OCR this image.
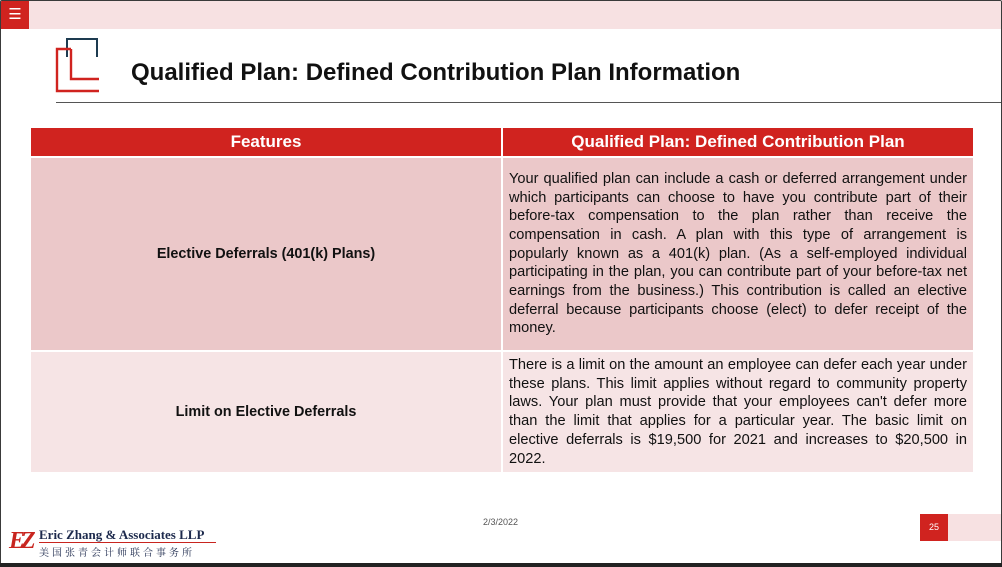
☰
Qualified Plan: Defined Contribution Plan Information
Features	Qualified Plan: Defined Contribution Plan
Elective Deferrals (401(k) Plans)	Your qualified plan can include a cash or deferred arrangement under which participants can choose to have you contribute part of their before-tax compensation to the plan rather than receive the compensation in cash. A plan with this type of arrangement is popularly known as a 401(k) plan. (As a self-employed individual participating in the plan, you can contribute part of your before-tax net earnings from the business.) This contribution is called an elective deferral because participants choose (elect) to defer receipt of the money.
Limit on Elective Deferrals	There is a limit on the amount an employee can defer each year under these plans. This limit applies without regard to community property laws. Your plan must provide that your employees can't defer more than the limit that applies for a particular year. The basic limit on elective deferrals is $19,500 for 2021 and increases to $20,500 in 2022.
2/3/2022	25
EZ Eric Zhang & Associates LLP
美国张青会计师联合事务所
